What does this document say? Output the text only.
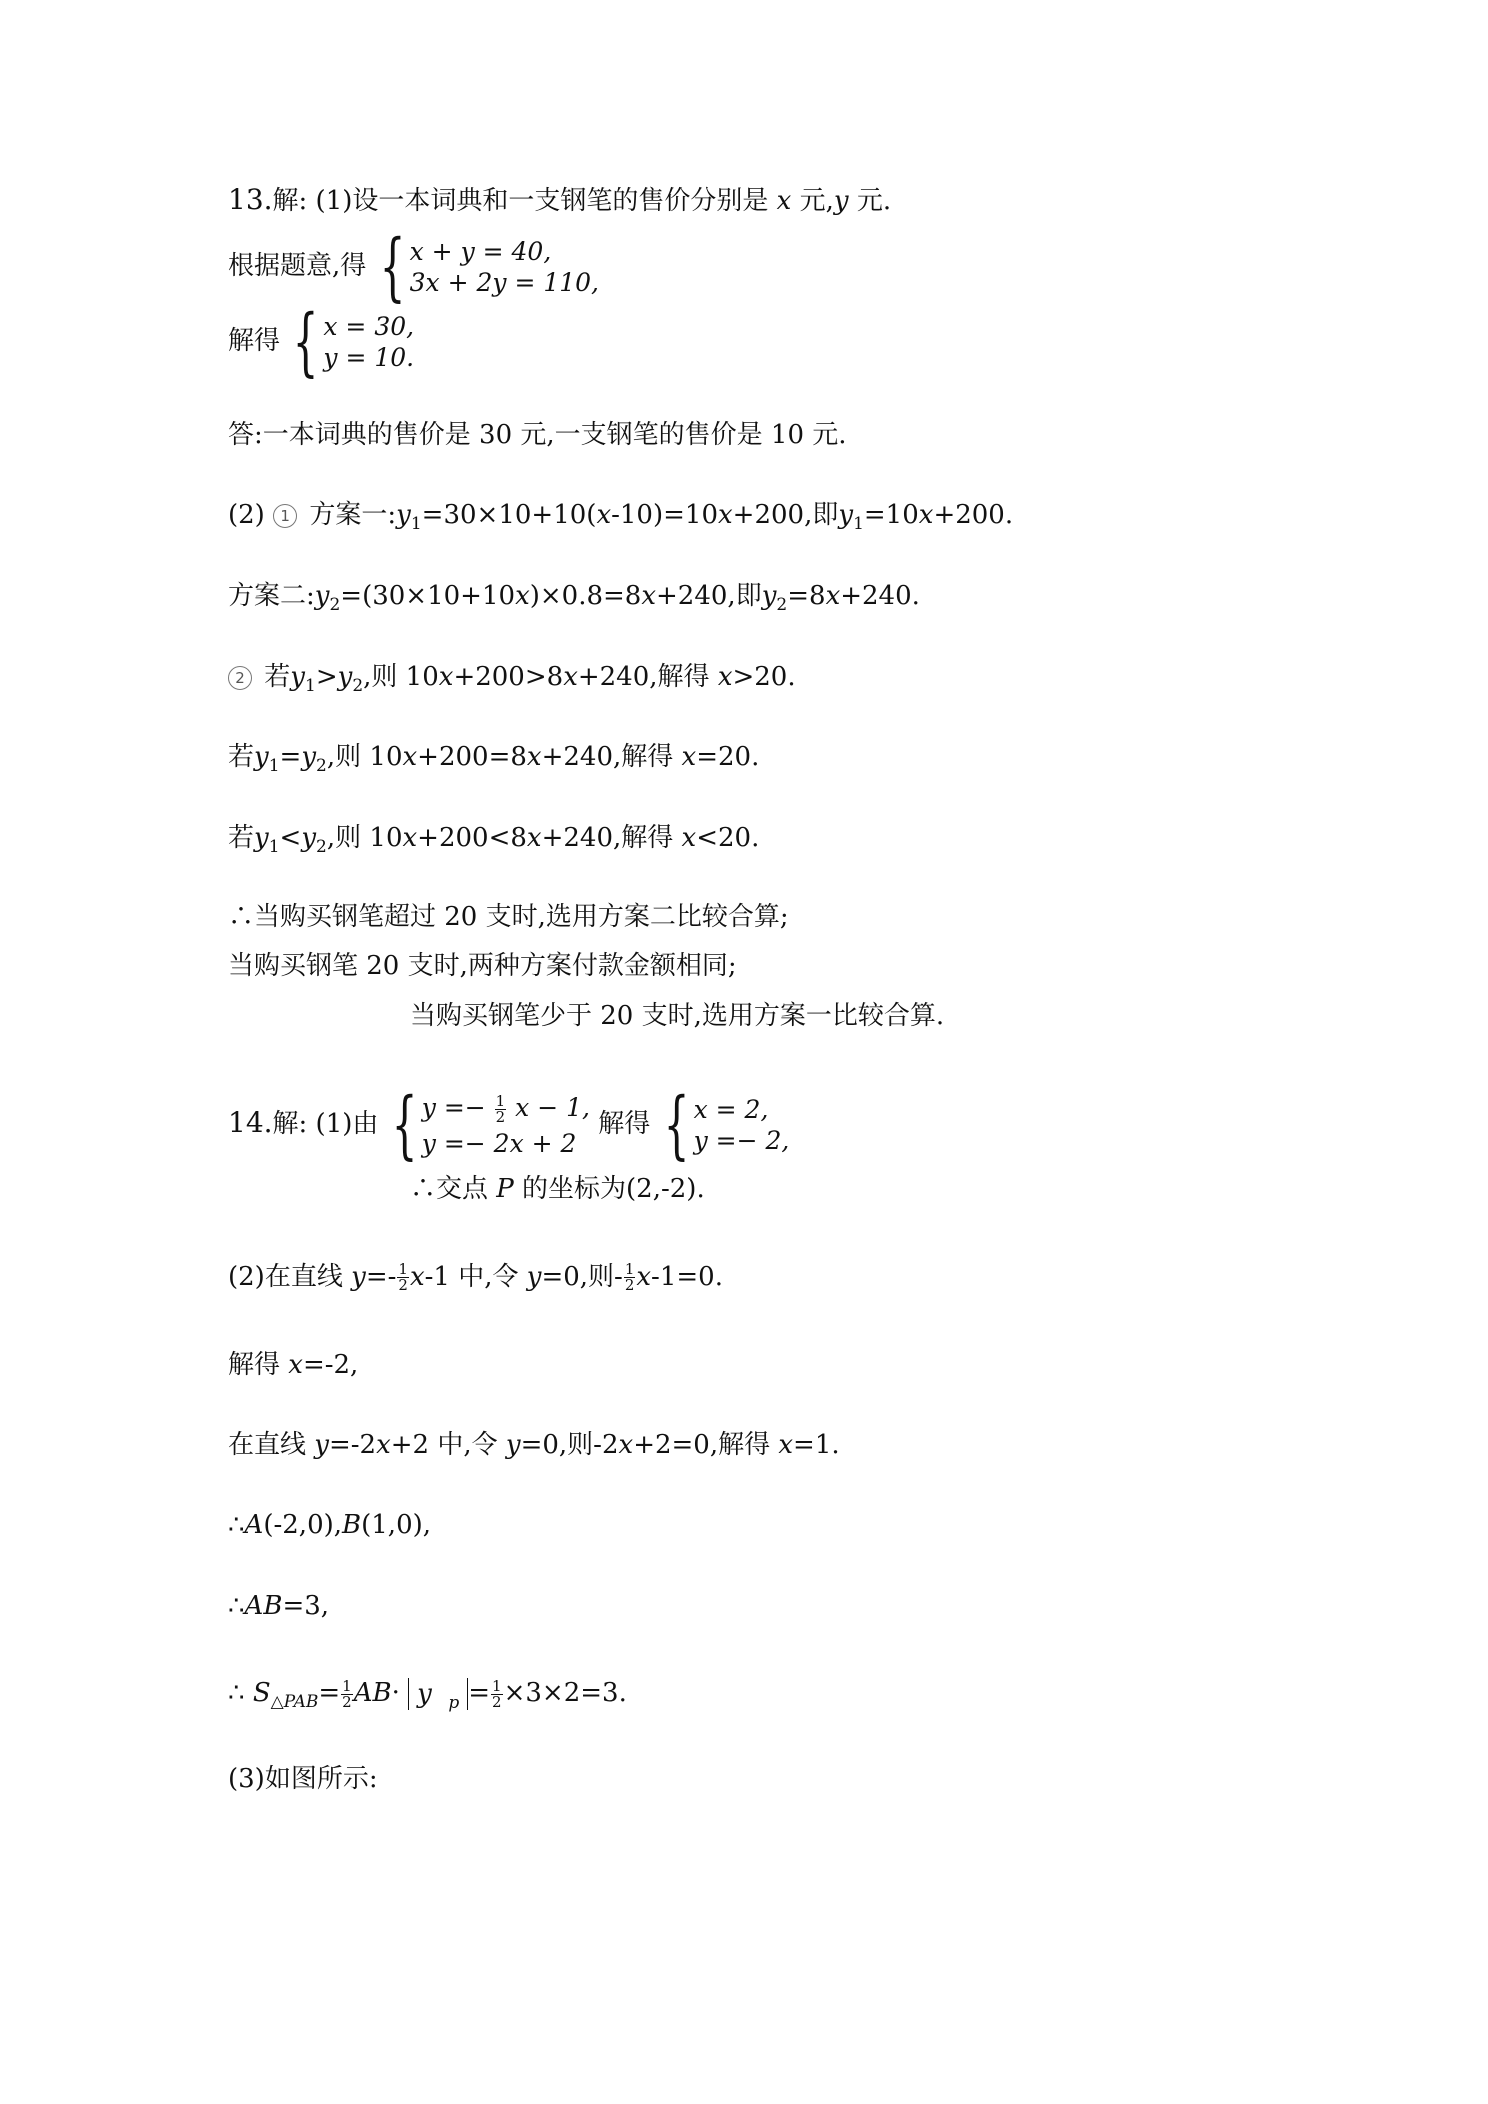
13.解: (1)设一本词典和一支钢笔的售价分别是 x 元,y 元.
根据题意,得 { x + y = 40,
3x + 2y = 110,
解得 { x = 30,
y = 10.
答:一本词典的售价是 30 元,一支钢笔的售价是 10 元.
(2) 1 方案一$:y_1=30\times 10+10(x-10)=10x+200$,即$y_1=10x+200$.
方案二$:y_2=(30\times 10+10x)\times 0.8=8x+240$,即$y_2=8x+240$.
2 若$y_1>y_2$,则 10x+200>8x+240,解得 x>20.
若$y_1=y_2$,则 10x+200=8x+240,解得 x=20.
若$y_1<y_2$,则 10x+200<8x+240,解得 x<20.
∴当购买钢笔超过 20 支时,选用方案二比较合算;
当购买钢笔 20 支时,两种方案付款金额相同;
当购买钢笔少于 20 支时,选用方案一比较合算.
14.解: (1)由 { $y =- \frac{1}{2}$ x − 1,
y =− 2x + 2
解得 { x = 2,
y =− 2,
∴交点 P 的坐标为(2,-2).
(2)在直线 $y=- \frac{1}{2} x-1$ 中,令 y=0,则- $\frac{1}{2} x-1=0$.
解得 x=-2,
在直线 y=-2x+2 中,令 y=0,则-2x+2=0,解得 x=1.
∴A(-2,0),B(1,0),
∴AB=3,
∴ $S_{\triangle PAB}= \frac{1}{2} AB\cdot y$ $_p = \frac{1}{2} \times 3\times 2=3$.
(3)如图所示:
